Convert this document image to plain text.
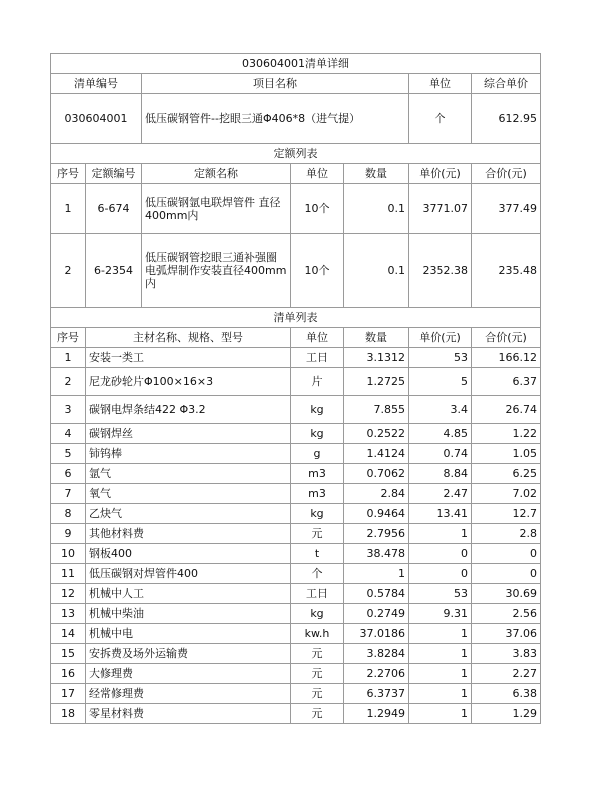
030604001清单详细						
清单编号		项目名称			单位	综合单价
030604001		低压碳钢管件--挖眼三通Φ406*8（进气提）			个	612.95
定额列表						
序号	定额编号	定额名称	单位	数量	单价(元)	合价(元)
1	6-674	低压碳钢氩电联焊管件 直径400mm内	10个	0.1	3771.07	377.49
2	6-2354	低压碳钢管挖眼三通补强圈电弧焊制作安装直径400mm内	10个	0.1	2352.38	235.48
清单列表						
序号	主材名称、规格、型号		单位	数量	单价(元)	合价(元)
1	安装一类工		工日	3.1312	53	166.12
2	尼龙砂轮片Φ100×16×3		片	1.2725	5	6.37
3	碳钢电焊条结422 Φ3.2		kg	7.855	3.4	26.74
4	碳钢焊丝		kg	0.2522	4.85	1.22
5	铈钨棒		g	1.4124	0.74	1.05
6	氩气		m3	0.7062	8.84	6.25
7	氧气		m3	2.84	2.47	7.02
8	乙炔气		kg	0.9464	13.41	12.7
9	其他材料费		元	2.7956	1	2.8
10	钢板400		t	38.478	0	0
11	低压碳钢对焊管件400		个	1	0	0
12	机械中人工		工日	0.5784	53	30.69
13	机械中柴油		kg	0.2749	9.31	2.56
14	机械中电		kw.h	37.0186	1	37.06
15	安拆费及场外运输费		元	3.8284	1	3.83
16	大修理费		元	2.2706	1	2.27
17	经常修理费		元	6.3737	1	6.38
18	零星材料费		元	1.2949	1	1.29
